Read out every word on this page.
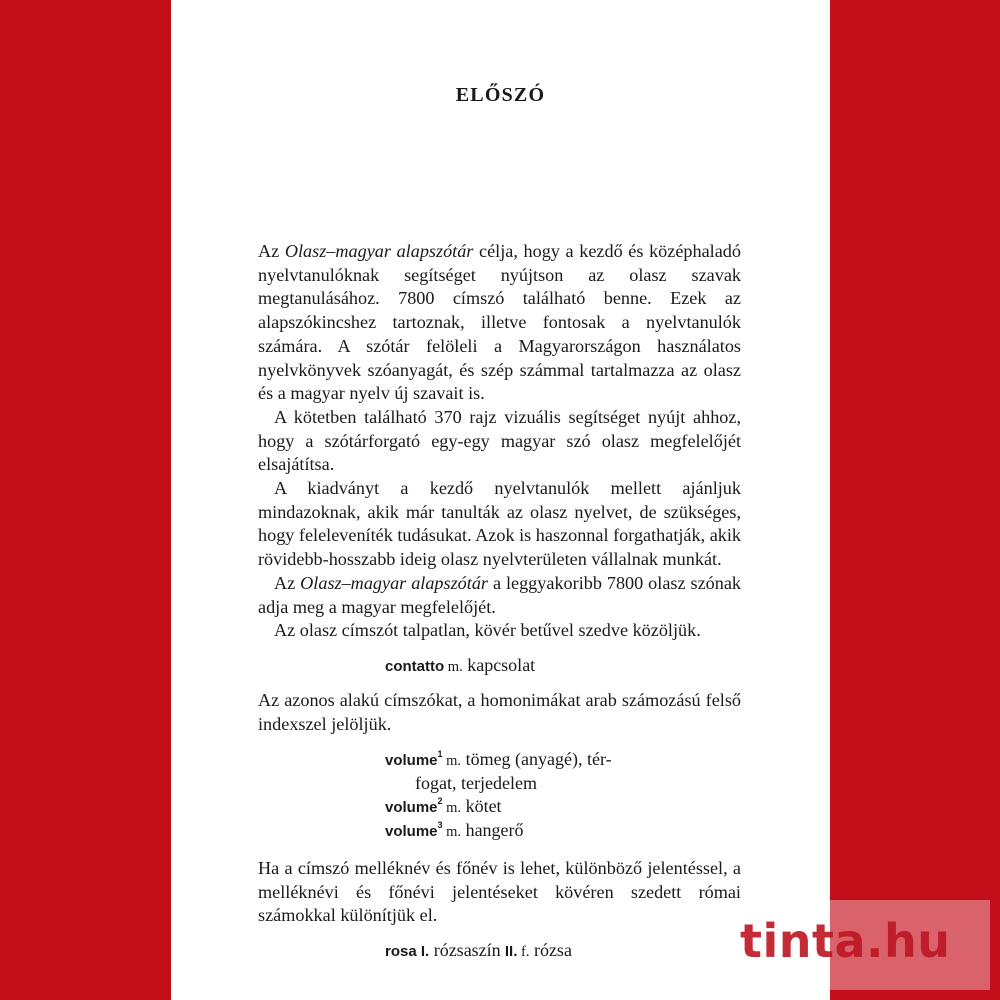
ELŐSZÓ

Az Olasz–magyar alapszótár célja, hogy a kezdő és középhaladó nyelvtanulóknak segítséget nyújtson az olasz szavak megtanulásához. 7800 címszó található benne. Ezek az alapszókincshez tartoznak, illetve fontosak a nyelvtanulók számára. A szótár felöleli a Magyarországon használatos nyelvkönyvek szóanyagát, és szép számmal tartalmazza az olasz és a magyar nyelv új szavait is.

A kötetben található 370 rajz vizuális segítséget nyújt ahhoz, hogy a szótárforgató egy-egy magyar szó olasz megfelelőjét elsajátítsa.

A kiadványt a kezdő nyelvtanulók mellett ajánljuk mindazoknak, akik már tanulták az olasz nyelvet, de szükséges, hogy feleleveníték tudásukat. Azok is haszonnal forgathatják, akik rövidebb-hosszabb ideig olasz nyelvterületen vállalnak munkát.

Az Olasz–magyar alapszótár a leggyakoribb 7800 olasz szónak adja meg a magyar megfelelőjét.

Az olasz címszót talpatlan, kövér betűvel szedve közöljük.

contatto m. kapcsolat

Az azonos alakú címszókat, a homonimákat arab számozású felső indexszel jelöljük.

volume$^1$ m. tömeg (anyagé), tér-
fogat, terjedelem
volume$^2$ m. kötet
volume$^3$ m. hangerő

Ha a címszó melléknév és főnév is lehet, különböző jelentéssel, a melléknévi és főnévi jelentéseket kövéren szedett római számokkal különítjük el.

rosa I. rózsaszín II. f. rózsa	tinta.hu
